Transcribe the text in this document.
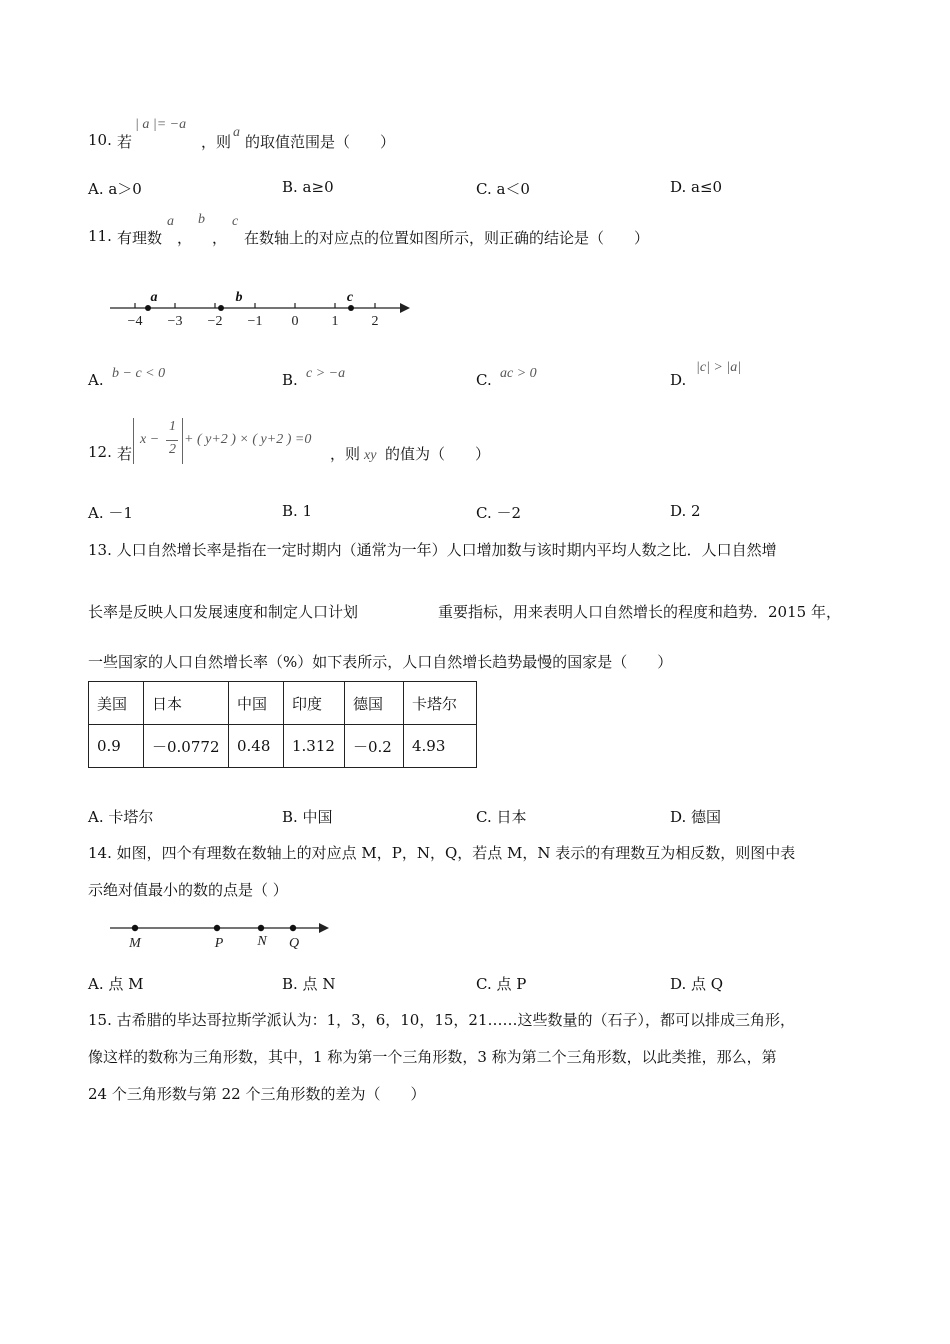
10. 若
| a |= −a
，则
a
的取值范围是（　　）
A. a＞0	B. a≥0	C. a＜0	D. a≤0
11. 有理数
a
，
b
，
c
在数轴上的对应点的位置如图所示，则正确的结论是（　　）
−4 −3 −2 −1 0 1 2
a	b	c
A. b − c < 0	B. c > −a	C. ac > 0	D.
|c| > |a|
12. 若
x −
1
2
+ ( y+2 ) × ( y+2 ) =0
，则 xy 的值为（　　）
A. －1	B. 1	C. －2	D. 2
13. 人口自然增长率是指在一定时期内（通常为一年）人口增加数与该时期内平均人数之比．人口自然增
长率是反映人口发展速度和制定人口计划	重要指标，用来表明人口自然增长的程度和趋势．2015 年，
一些国家的人口自然增长率（%）如下表所示，人口自然增长趋势最慢的国家是（　　）
美国	日本	中国	印度	德国	卡塔尔
0.9	－0.0772	0.48	1.312	－0.2	4.93
A. 卡塔尔	B. 中国	C. 日本	D. 德国
14. 如图，四个有理数在数轴上的对应点 M，P，N，Q，若点 M，N 表示的有理数互为相反数，则图中表
示绝对值最小的数的点是（ ）
M	P N Q
A. 点 M	B. 点 N	C. 点 P	D. 点 Q
15. 古希腊的毕达哥拉斯学派认为：1，3，6，10，15，21……这些数量的（石子），都可以排成三角形，
像这样的数称为三角形数，其中，1 称为第一个三角形数，3 称为第二个三角形数，以此类推，那么，第
24 个三角形数与第 22 个三角形数的差为（　　）
